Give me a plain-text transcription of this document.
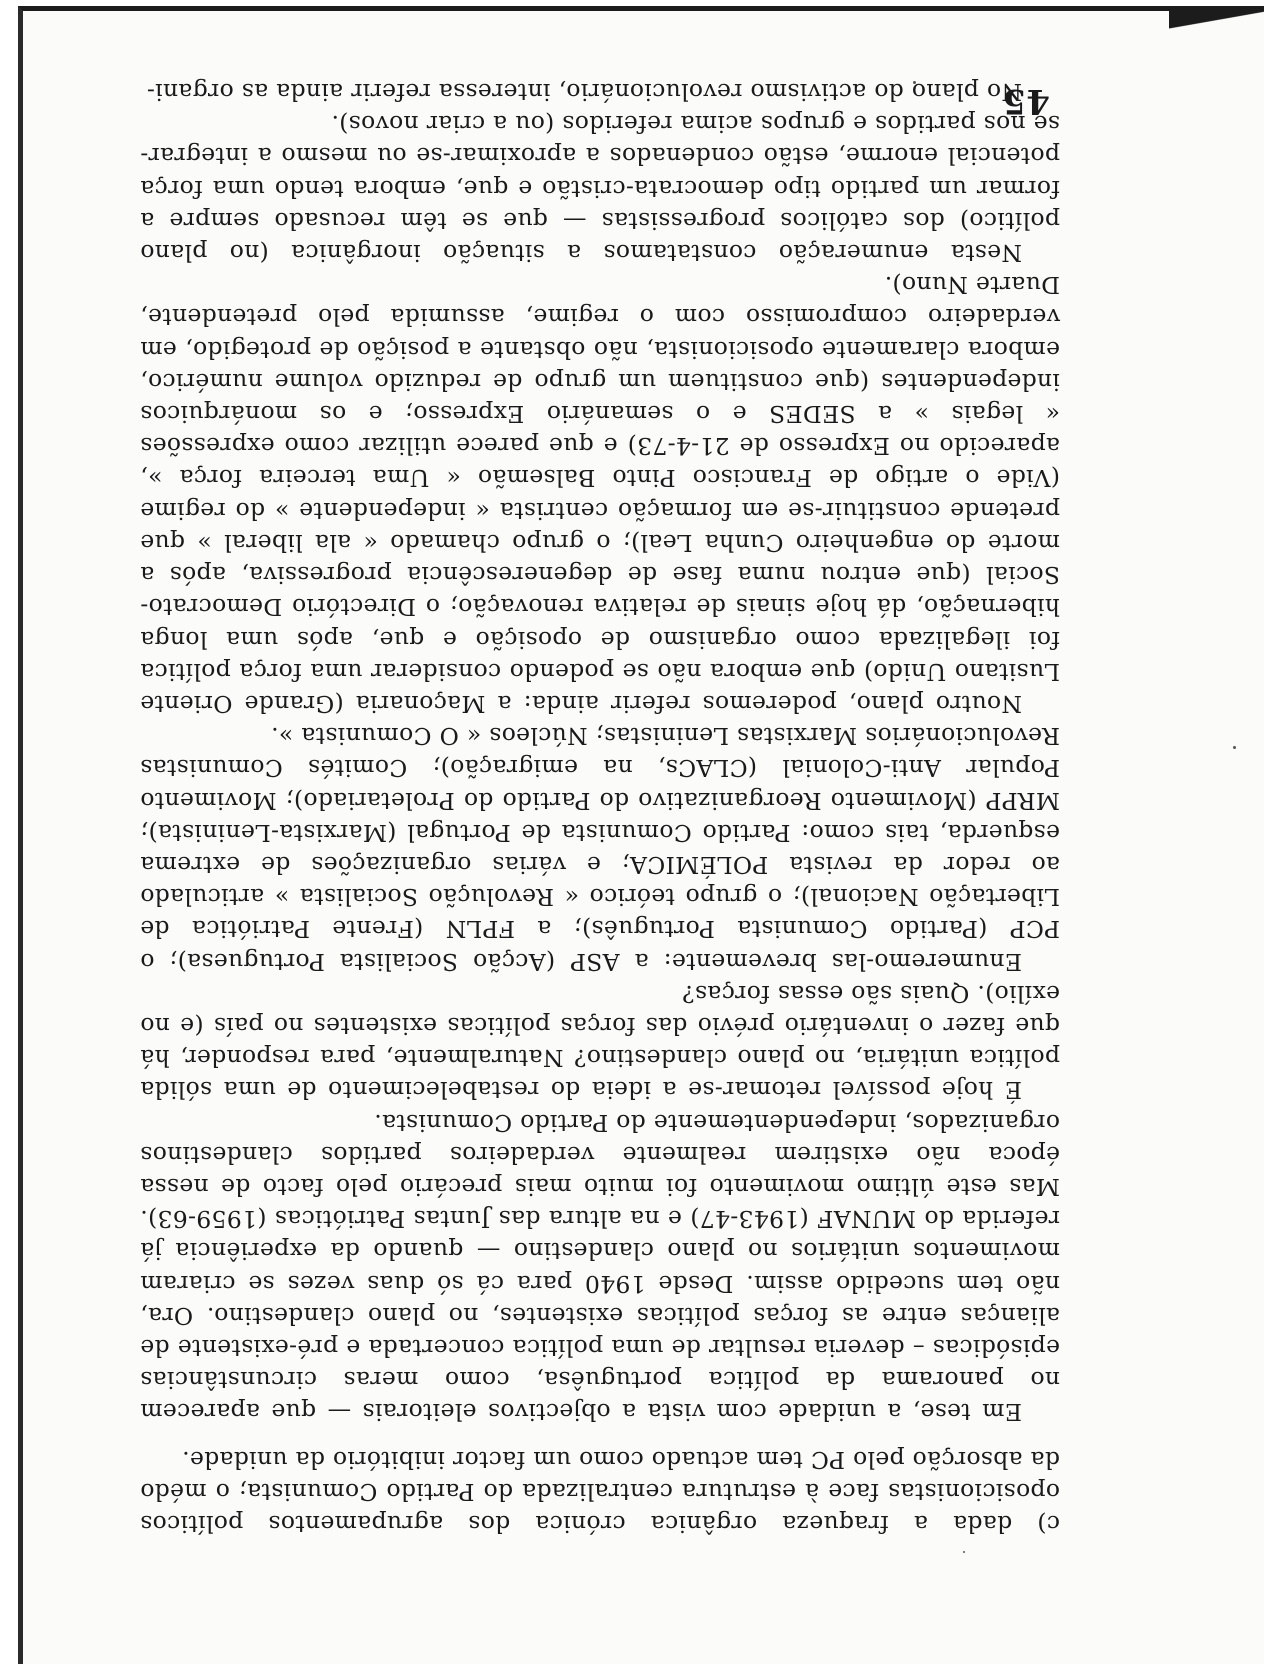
c) dada a fraqueza orgânica crónica dos agrupamentos políticos oposicionistas face à estrutura centralizada do Partido Comunista; o médo da absorção pelo PC tem actuado como um factor inibitório da unidade.

Em tese, a unidade com vista a objectivos eleitorais — que aparecem no panorama da política portuguêsa, como meras circunstâncias episódicas – deveria resultar de uma política concertada e pré-existente de alianças entre as forças políticas existentes, no plano clandestino. Ora, não tem sucedido assim. Desde 1940 para cá só duas vezes se criaram movimentos unitários no plano clandestino — quando da experiência já referida do MUNAF (1943-47) e na altura das Juntas Patrióticas (1959-63). Mas este último movimento foi muito mais precário pelo facto de nessa época não existirem realmente verdadeiros partidos clandestinos organizados, independentemente do Partido Comunista.

É hoje possível retomar-se a ideia do restabelecimento de uma sólida política unitária, no plano clandestino? Naturalmente, para responder, há que fazer o inventário prévio das forças políticas existentes no país (e no exílio). Quais são essas forças?

Enumeremo-las brevemente: a ASP (Acção Socialista Portuguesa); o PCP (Partido Comunista Português); a FPLN (Frente Patriótica de Libertação Nacional); o grupo teórico « Revolução Socialista » articulado ao redor da revista POLÉMICA; e várias organizações de extrema esquerda, tais como: Partido Comunista de Portugal (Marxista-Leninista); MRPP (Movimento Reorganizativo do Partido do Proletariado); Movimento Popular Anti-Colonial (CLACs, na emigração); Comités Comunistas Revolucionários Marxistas Leninistas; Núcleos « O Comunista ».

Noutro plano, poderemos referir ainda: a Maçonaria (Grande Oriente Lusitano Unido) que embora não se podendo considerar uma força política foi ilegalizada como organismo de oposição e que, após uma longa hibernação, dá hoje sinais de relativa renovação; o Directório Democrato-Social (que entrou numa fase de degenerescência progressiva, após a morte do engenheiro Cunha Leal); o grupo chamado « ala liberal » que pretende constituir-se em formação centrista « independente » do regime (Vide o artigo de Francisco Pinto Balsemão « Uma terceira força », aparecido no Expresso de 21-4-73) e que parece utilizar como expressões « legais » a SEDES e o semanário Expresso; e os monárquicos independentes (que constituem um grupo de reduzido volume numérico, embora claramente oposicionista, não obstante a posição de protegido, em verdadeiro compromisso com o regime, assumida pelo pretendente, Duarte Nuno).

Nesta enumeração constatamos a situação inorgânica (no plano político) dos católicos progressistas — que se têm recusado sempre a formar um partido tipo democrata-cristão e que, embora tendo uma força potencial enorme, estão condenados a aproximar-se ou mesmo a integrar-se nos partidos e grupos acima referidos (ou a criar novos).

No plano do activismo revolucionário, interessa referir ainda as organi-

45
